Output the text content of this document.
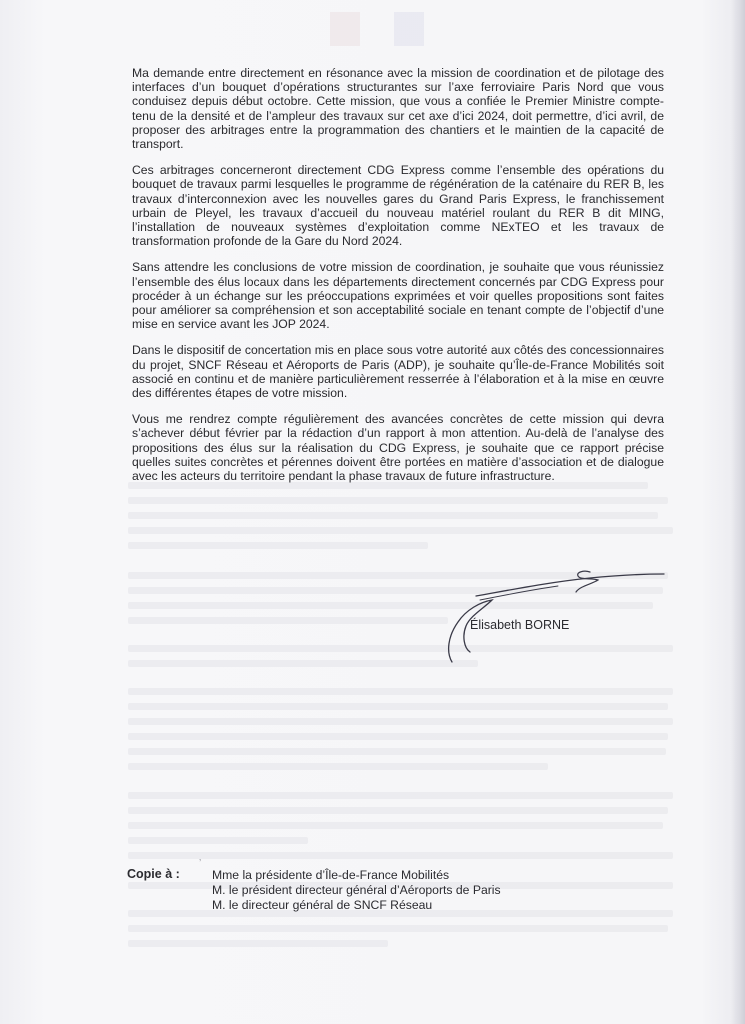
Ma demande entre directement en résonance avec la mission de coordination et de pilotage des interfaces d’un bouquet d’opérations structurantes sur l’axe ferroviaire Paris Nord que vous conduisez depuis début octobre. Cette mission, que vous a confiée le Premier Ministre compte-tenu de la densité et de l’ampleur des travaux sur cet axe d’ici 2024, doit permettre, d’ici avril, de proposer des arbitrages entre la programmation des chantiers et le maintien de la capacité de transport.

Ces arbitrages concerneront directement CDG Express comme l’ensemble des opérations du bouquet de travaux parmi lesquelles le programme de régénération de la caténaire du RER B, les travaux d’interconnexion avec les nouvelles gares du Grand Paris Express, le franchissement urbain de Pleyel, les travaux d’accueil du nouveau matériel roulant du RER B dit MING, l’installation de nouveaux systèmes d’exploitation comme NExTEO et les travaux de transformation profonde de la Gare du Nord 2024.

Sans attendre les conclusions de votre mission de coordination, je souhaite que vous réunissiez l’ensemble des élus locaux dans les départements directement concernés par CDG Express pour procéder à un échange sur les préoccupations exprimées et voir quelles propositions sont faites pour améliorer sa compréhension et son acceptabilité sociale en tenant compte de l’objectif d’une mise en service avant les JOP 2024.

Dans le dispositif de concertation mis en place sous votre autorité aux côtés des concessionnaires du projet, SNCF Réseau et Aéroports de Paris (ADP), je souhaite qu’Île-de-France Mobilités soit associé en continu et de manière particulièrement resserrée à l’élaboration et à la mise en œuvre des différentes étapes de votre mission.

Vous me rendrez compte régulièrement des avancées concrètes de cette mission qui devra s’achever début février par la rédaction d’un rapport à mon attention. Au-delà de l’analyse des propositions des élus sur la réalisation du CDG Express, je souhaite que ce rapport précise quelles suites concrètes et pérennes doivent être portées en matière d’association et de dialogue avec les acteurs du territoire pendant la phase travaux de future infrastructure.

Élisabeth BORNE
’
Copie à :	Mme la présidente d’Île-de-France Mobilités
M. le président directeur général d’Aéroports de Paris
M. le directeur général de SNCF Réseau
